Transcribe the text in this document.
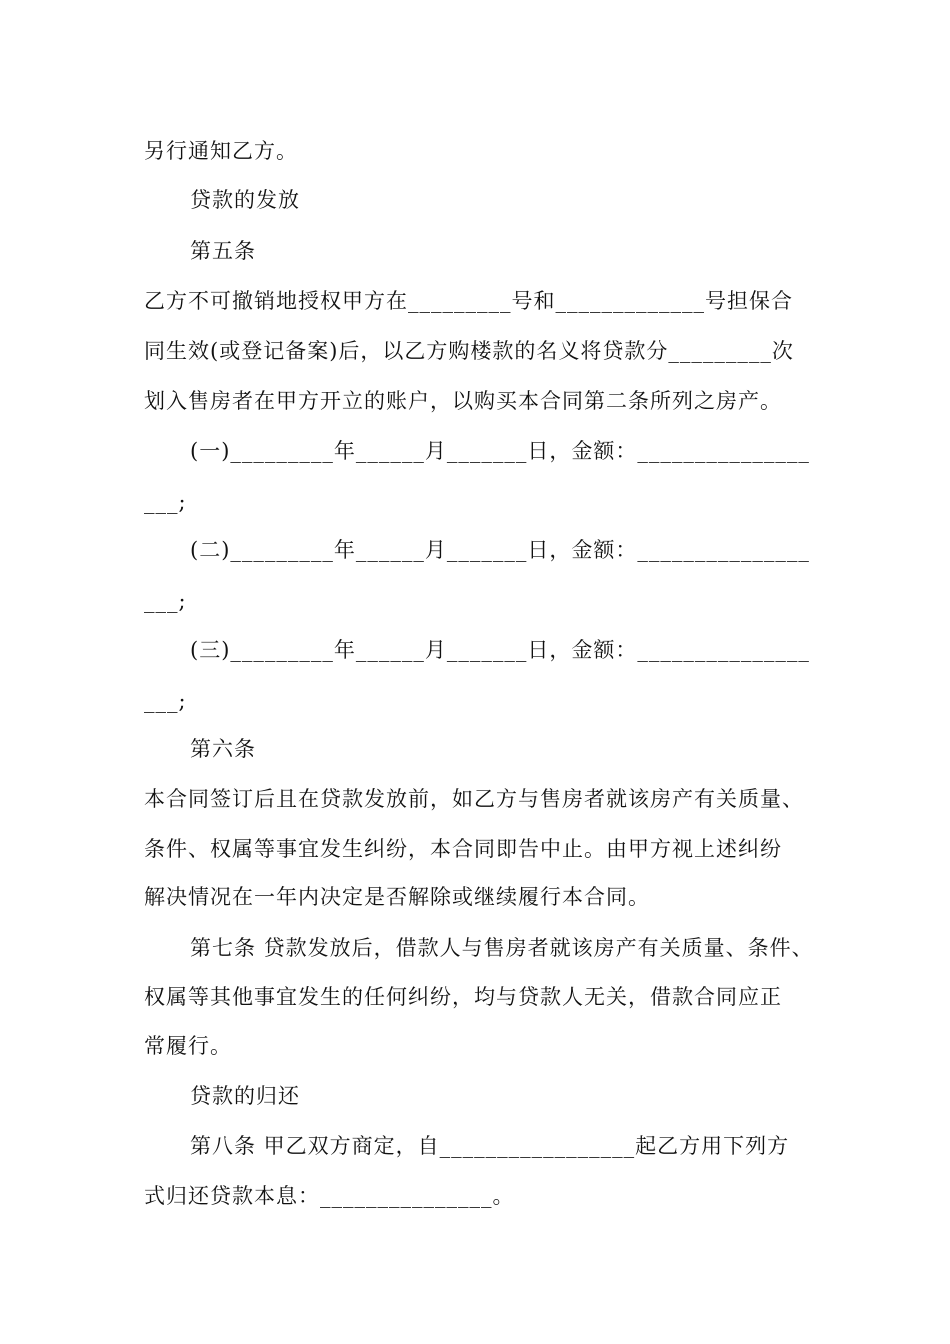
另行通知乙方。
贷款的发放
第五条
乙方不可撤销地授权甲方在_________号和_____________号担保合
同生效(或登记备案)后，以乙方购楼款的名义将贷款分_________次
划入售房者在甲方开立的账户，以购买本合同第二条所列之房产。
(一)_________年______月_______日，金额：_______________
___;
(二)_________年______月_______日，金额：_______________
___;
(三)_________年______月_______日，金额：_______________
___;
第六条
本合同签订后且在贷款发放前，如乙方与售房者就该房产有关质量、
条件、权属等事宜发生纠纷，本合同即告中止。由甲方视上述纠纷
解决情况在一年内决定是否解除或继续履行本合同。
第七条 贷款发放后，借款人与售房者就该房产有关质量、条件、
权属等其他事宜发生的任何纠纷，均与贷款人无关，借款合同应正
常履行。
贷款的归还
第八条 甲乙双方商定，自_________________起乙方用下列方
式归还贷款本息：_______________。
